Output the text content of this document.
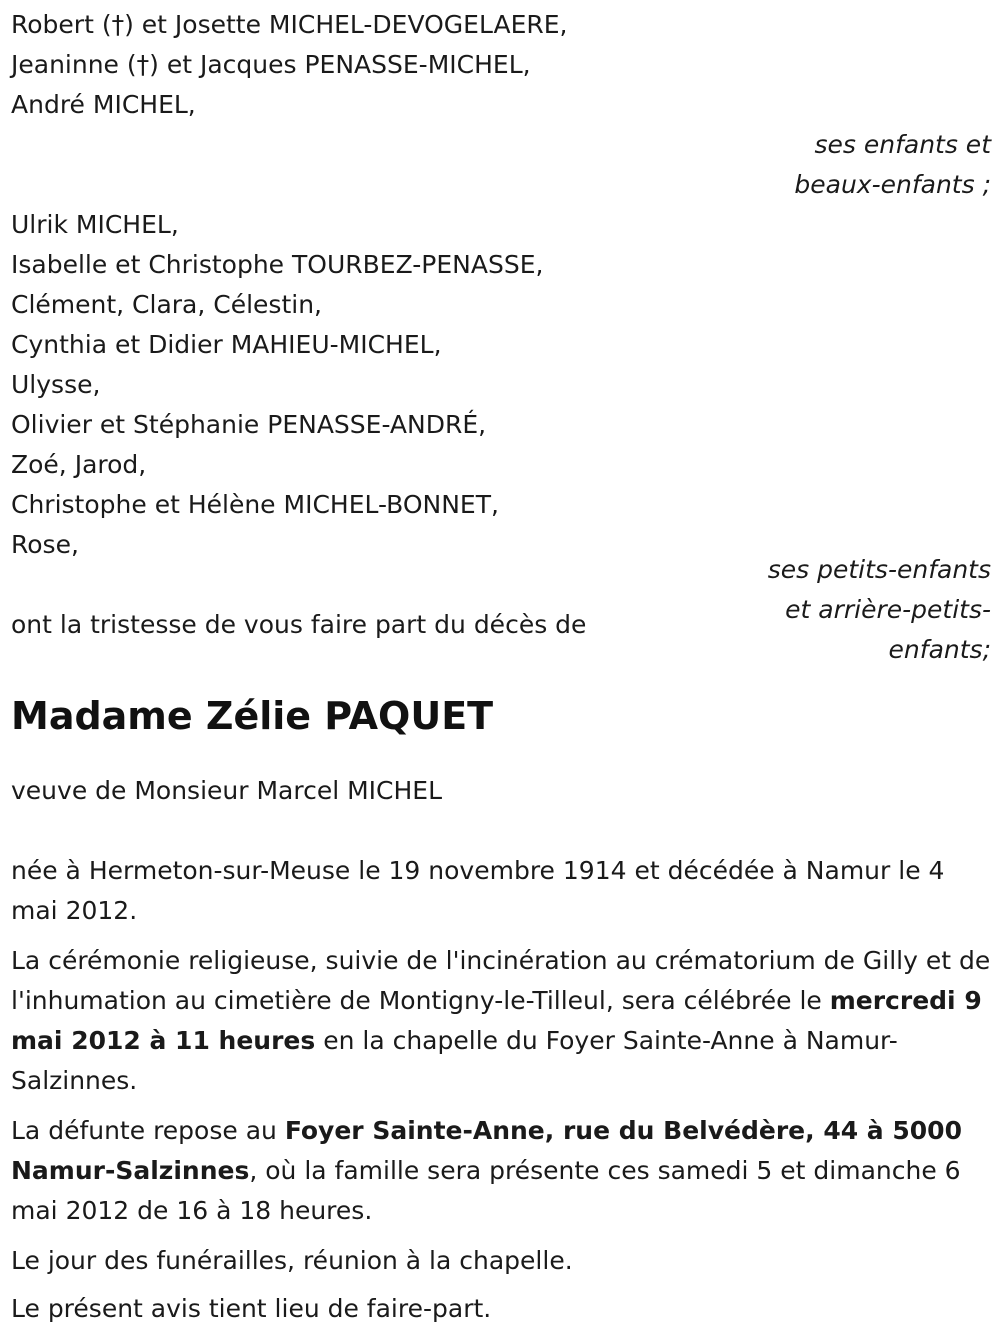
Robert (†) et Josette MICHEL-DEVOGELAERE,
Jeaninne (†) et Jacques PENASSE-MICHEL,
André MICHEL,
ses enfants et
beaux-enfants ;
Ulrik MICHEL,
Isabelle et Christophe TOURBEZ-PENASSE,
Clément, Clara, Célestin,
Cynthia et Didier MAHIEU-MICHEL,
Ulysse,
Olivier et Stéphanie PENASSE-ANDRÉ,
Zoé, Jarod,
Christophe et Hélène MICHEL-BONNET,
Rose,
ses petits-enfants
et arrière-petits-
enfants;
ont la tristesse de vous faire part du décès de
Madame Zélie PAQUET
veuve de Monsieur Marcel MICHEL

née à Hermeton-sur-Meuse le 19 novembre 1914 et décédée à Namur le 4 mai 2012.

La cérémonie religieuse, suivie de l'incinération au crématorium de Gilly et de l'inhumation au cimetière de Montigny-le-Tilleul, sera célébrée le mercredi 9 mai 2012 à 11 heures en la chapelle du Foyer Sainte-Anne à Namur-Salzinnes.

La défunte repose au Foyer Sainte-Anne, rue du Belvédère, 44 à 5000 Namur-Salzinnes, où la famille sera présente ces samedi 5 et dimanche 6 mai 2012 de 16 à 18 heures.

Le jour des funérailles, réunion à la chapelle.

Le présent avis tient lieu de faire-part.
